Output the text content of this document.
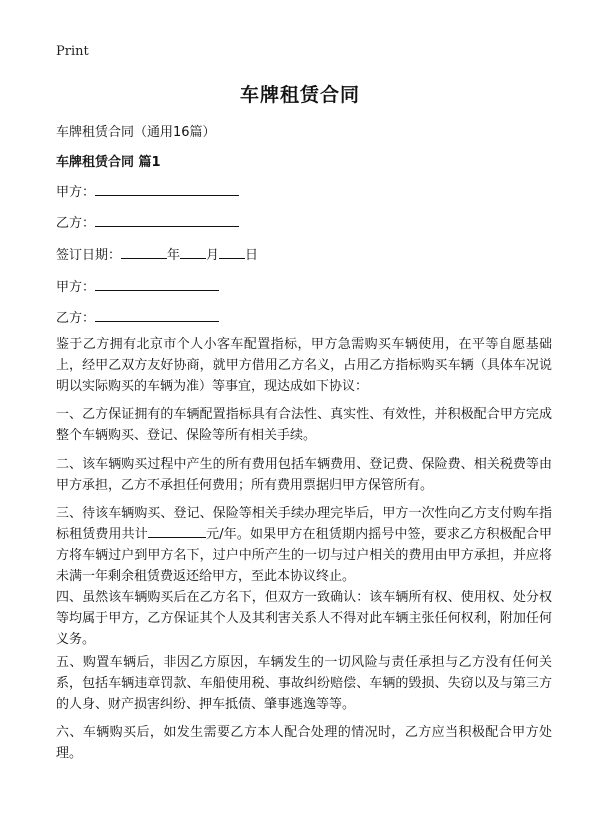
Print
车牌租赁合同
车牌租赁合同（通用16篇）
车牌租赁合同 篇1
甲方：
乙方：
签订日期：	年 月 日
甲方：
乙方：

鉴于乙方拥有北京市个人小客车配置指标，甲方急需购买车辆使用，在平等自愿基础上，经甲乙双方友好协商，就甲方借用乙方名义，占用乙方指标购买车辆（具体车况说明以实际购买的车辆为准）等事宜，现达成如下协议：

一、乙方保证拥有的车辆配置指标具有合法性、真实性、有效性，并积极配合甲方完成整个车辆购买、登记、保险等所有相关手续。

二、该车辆购买过程中产生的所有费用包括车辆费用、登记费、保险费、相关税费等由甲方承担，乙方不承担任何费用；所有费用票据归甲方保管所有。

三、待该车辆购买、登记、保险等相关手续办理完毕后，甲方一次性向乙方支付购车指标租赁费用共计	元/年。如果甲方在租赁期内摇号中签，要求乙方积极配合甲方将车辆过户到甲方名下，过户中所产生的一切与过户相关的费用由甲方承担，并应将未满一年剩余租赁费返还给甲方，至此本协议终止。

四、虽然该车辆购买后在乙方名下，但双方一致确认：该车辆所有权、使用权、处分权等均属于甲方，乙方保证其个人及其利害关系人不得对此车辆主张任何权利，附加任何义务。

五、购置车辆后，非因乙方原因，车辆发生的一切风险与责任承担与乙方没有任何关系，包括车辆违章罚款、车船使用税、事故纠纷赔偿、车辆的毁损、失窃以及与第三方的人身、财产损害纠纷、押车抵债、肇事逃逸等等。

六、车辆购买后，如发生需要乙方本人配合处理的情况时，乙方应当积极配合甲方处理。
